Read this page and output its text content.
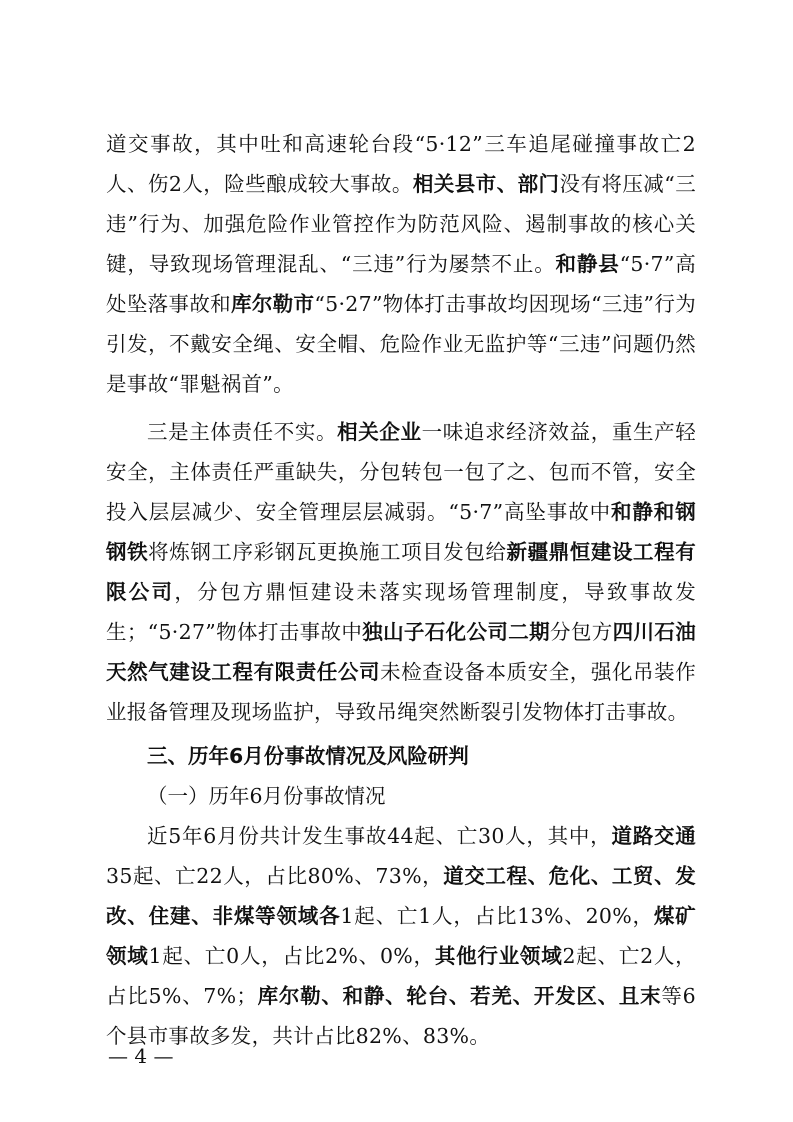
道交事故，其中吐和高速轮台段“5·12”三车追尾碰撞事故亡2人、伤2人，险些酿成较大事故。相关县市、部门没有将压减“三违”行为、加强危险作业管控作为防范风险、遏制事故的核心关键，导致现场管理混乱、“三违”行为屡禁不止。和静县“5·7”高处坠落事故和库尔勒市“5·27”物体打击事故均因现场“三违”行为引发，不戴安全绳、安全帽、危险作业无监护等“三违”问题仍然是事故“罪魁祸首”。

三是主体责任不实。相关企业一味追求经济效益，重生产轻安全，主体责任严重缺失，分包转包一包了之、包而不管，安全投入层层减少、安全管理层层减弱。“5·7”高坠事故中和静和钢钢铁将炼钢工序彩钢瓦更换施工项目发包给新疆鼎恒建设工程有限公司，分包方鼎恒建设未落实现场管理制度，导致事故发生；“5·27”物体打击事故中独山子石化公司二期分包方四川石油天然气建设工程有限责任公司未检查设备本质安全，强化吊装作业报备管理及现场监护，导致吊绳突然断裂引发物体打击事故。

三、历年6月份事故情况及风险研判

（一）历年6月份事故情况

近5年6月份共计发生事故44起、亡30人，其中，道路交通35起、亡22人，占比80%、73%，道交工程、危化、工贸、发改、住建、非煤等领域各1起、亡1人，占比13%、20%，煤矿领域1起、亡0人，占比2%、0%，其他行业领域2起、亡2人，占比5%、7%；库尔勒、和静、轮台、若羌、开发区、且末等6个县市事故多发，共计占比82%、83%。

— 4 —
